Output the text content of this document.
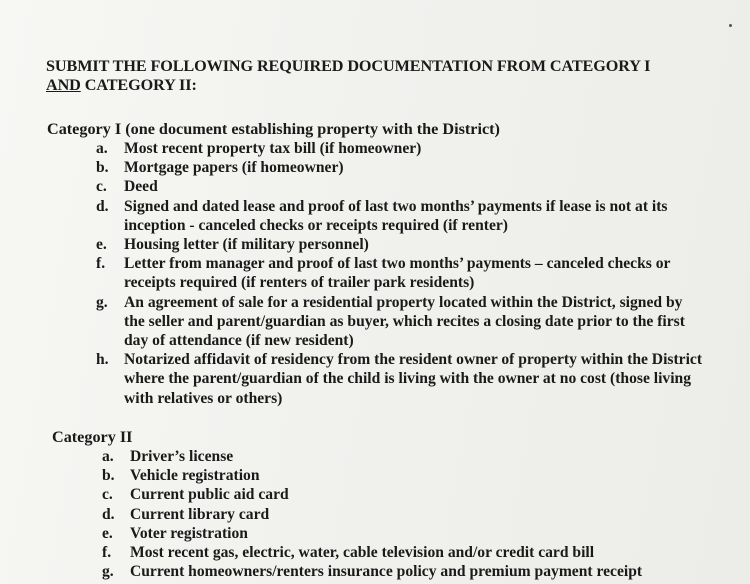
SUBMIT THE FOLLOWING REQUIRED DOCUMENTATION FROM CATEGORY I
AND CATEGORY II:
Category I (one document establishing property with the District)
a.	Most recent property tax bill (if homeowner)
b. Mortgage papers (if homeowner)
c.	Deed
d. Signed and dated lease and proof of last two months’ payments if lease is not at its inception - canceled checks or receipts required (if renter)
e.	Housing letter (if military personnel)
f.	Letter from manager and proof of last two months’ payments – canceled checks or receipts required (if renters of trailer park residents)
g.	An agreement of sale for a residential property located within the District, signed by the seller and parent/guardian as buyer, which recites a closing date prior to the first day of attendance (if new resident)
h. Notarized affidavit of residency from the resident owner of property within the District where the parent/guardian of the child is living with the owner at no cost (those living with relatives or others)
Category II
a.	Driver’s license
b. Vehicle registration
c.	Current public aid card
d. Current library card
e.	Voter registration
f.	Most recent gas, electric, water, cable television and/or credit card bill
g.	Current homeowners/renters insurance policy and premium payment receipt
